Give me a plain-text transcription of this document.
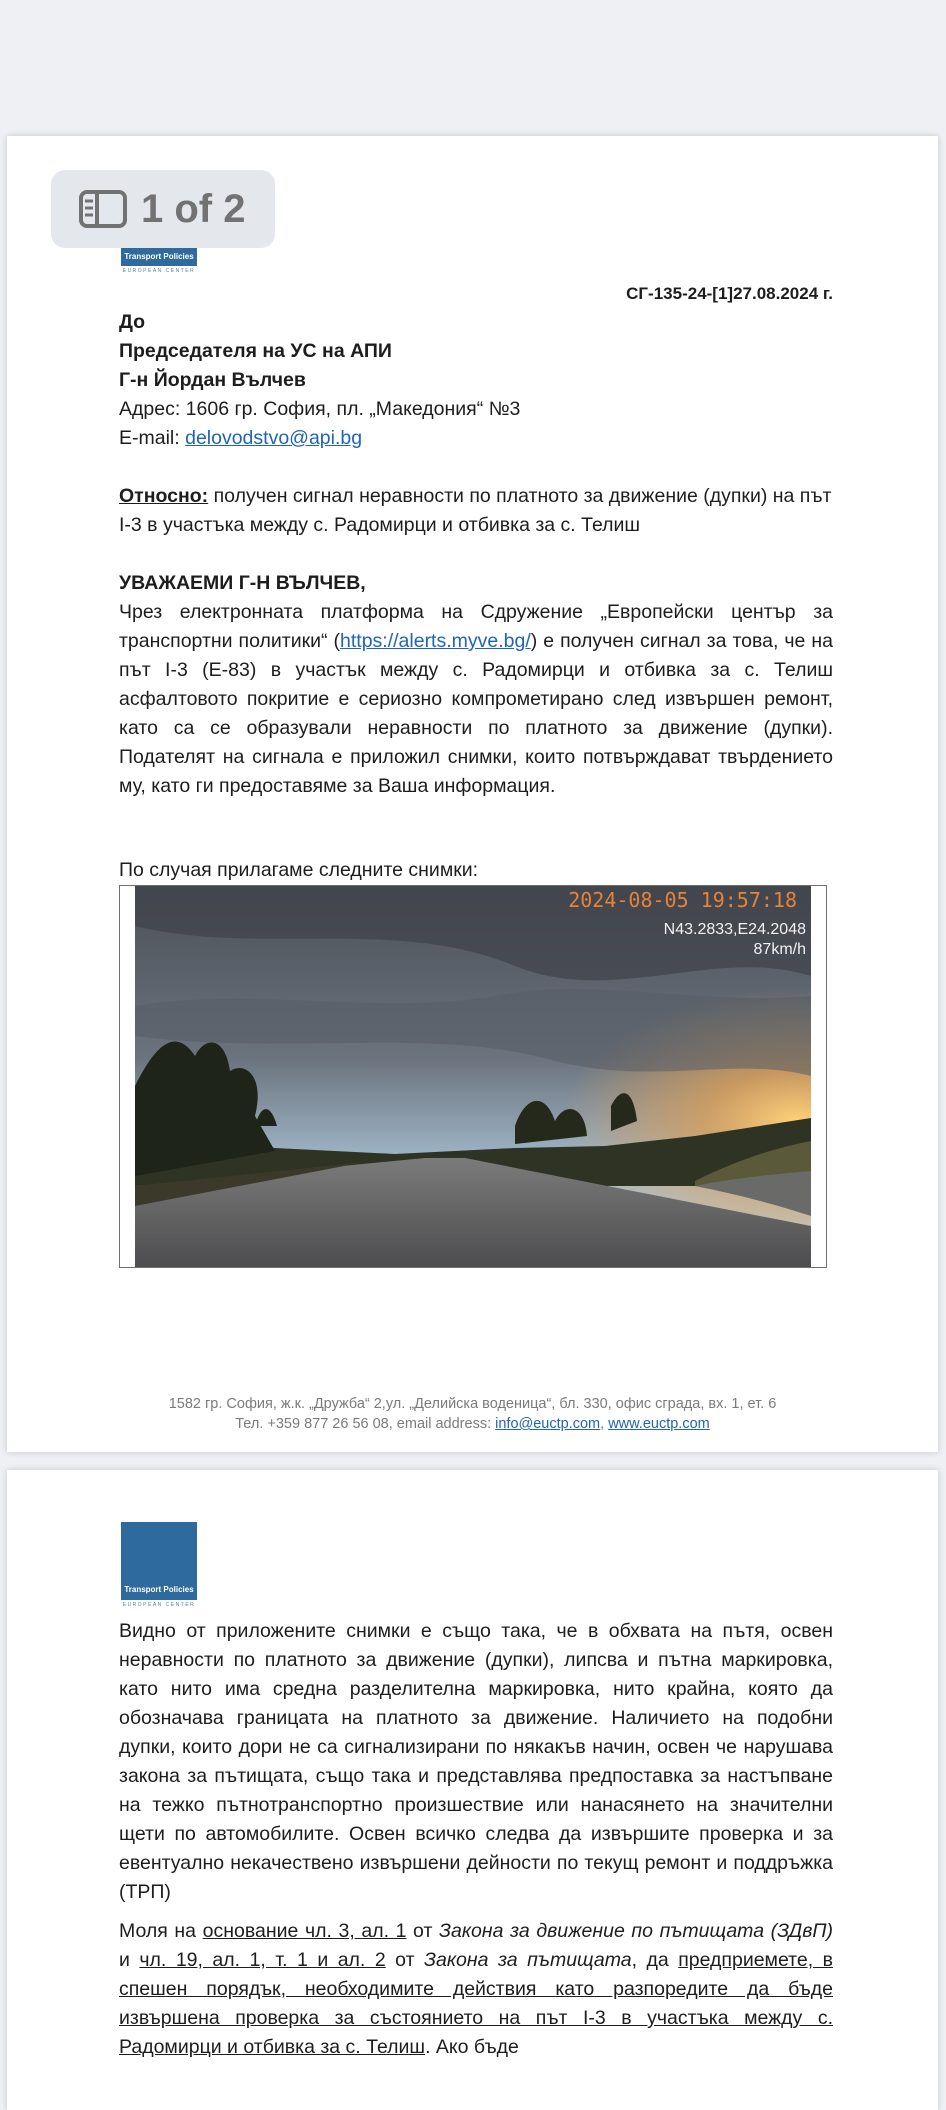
Transport Policies
EUROPEAN CENTER
1 of 2
СГ-135-24-[1]27.08.2024 г.
До
Председателя на УС на АПИ
Г-н Йордан Вълчев
Адрес: 1606 гр. София, пл. „Македония“ №3
E-mail: delovodstvo@api.bg
Относно: получен сигнал неравности по платното за движение (дупки) на път I-3 в участъка между с. Радомирци и отбивка за с. Телиш
УВАЖАЕМИ Г-Н ВЪЛЧЕВ,
Чрез електронната платформа на Сдружение „Европейски център за транспортни политики“ (https://alerts.myve.bg/) е получен сигнал за това, че на път I-3 (Е-83) в участък между с. Радомирци и отбивка за с. Телиш асфалтовото покритие е сериозно компрометирано след извършен ремонт, като са се образували неравности по платното за движение (дупки). Подателят на сигнала е приложил снимки, които потвърждават твърдението му, като ги предоставяме за Ваша информация.
По случая прилагаме следните снимки:
2024-08-05 19:57:18
N43.2833,E24.2048
87km/h
1582 гр. София, ж.к. „Дружба“ 2,ул. „Делийска воденица“, бл. 330, офис сграда, вх. 1, ет. 6
Тел. +359 877 26 56 08, email address: info@euctp.com, www.euctp.com
Transport Policies
EUROPEAN CENTER
Видно от приложените снимки е също така, че в обхвата на пътя, освен неравности по платното за движение (дупки), липсва и пътна маркировка, като нито има средна разделителна маркировка, нито крайна, която да обозначава границата на платното за движение. Наличието на подобни дупки, които дори не са сигнализирани по някакъв начин, освен че нарушава закона за пътищата, също така и представлява предпоставка за настъпване на тежко пътнотранспортно произшествие или нанасянето на значителни щети по автомобилите. Освен всичко следва да извършите проверка и за евентуално некачествено извършени дейности по текущ ремонт и поддръжка (ТРП)
Моля на основание чл. 3, ал. 1 от Закона за движение по пътищата (ЗДвП) и чл. 19, ал. 1, т. 1 и ал. 2 от Закона за пътищата, да предприемете, в спешен порядък, необходимите действия като разпоредите да бъде извършена проверка за състоянието на път I-3 в участъка между с. Радомирци и отбивка за с. Телиш. Ако бъде
